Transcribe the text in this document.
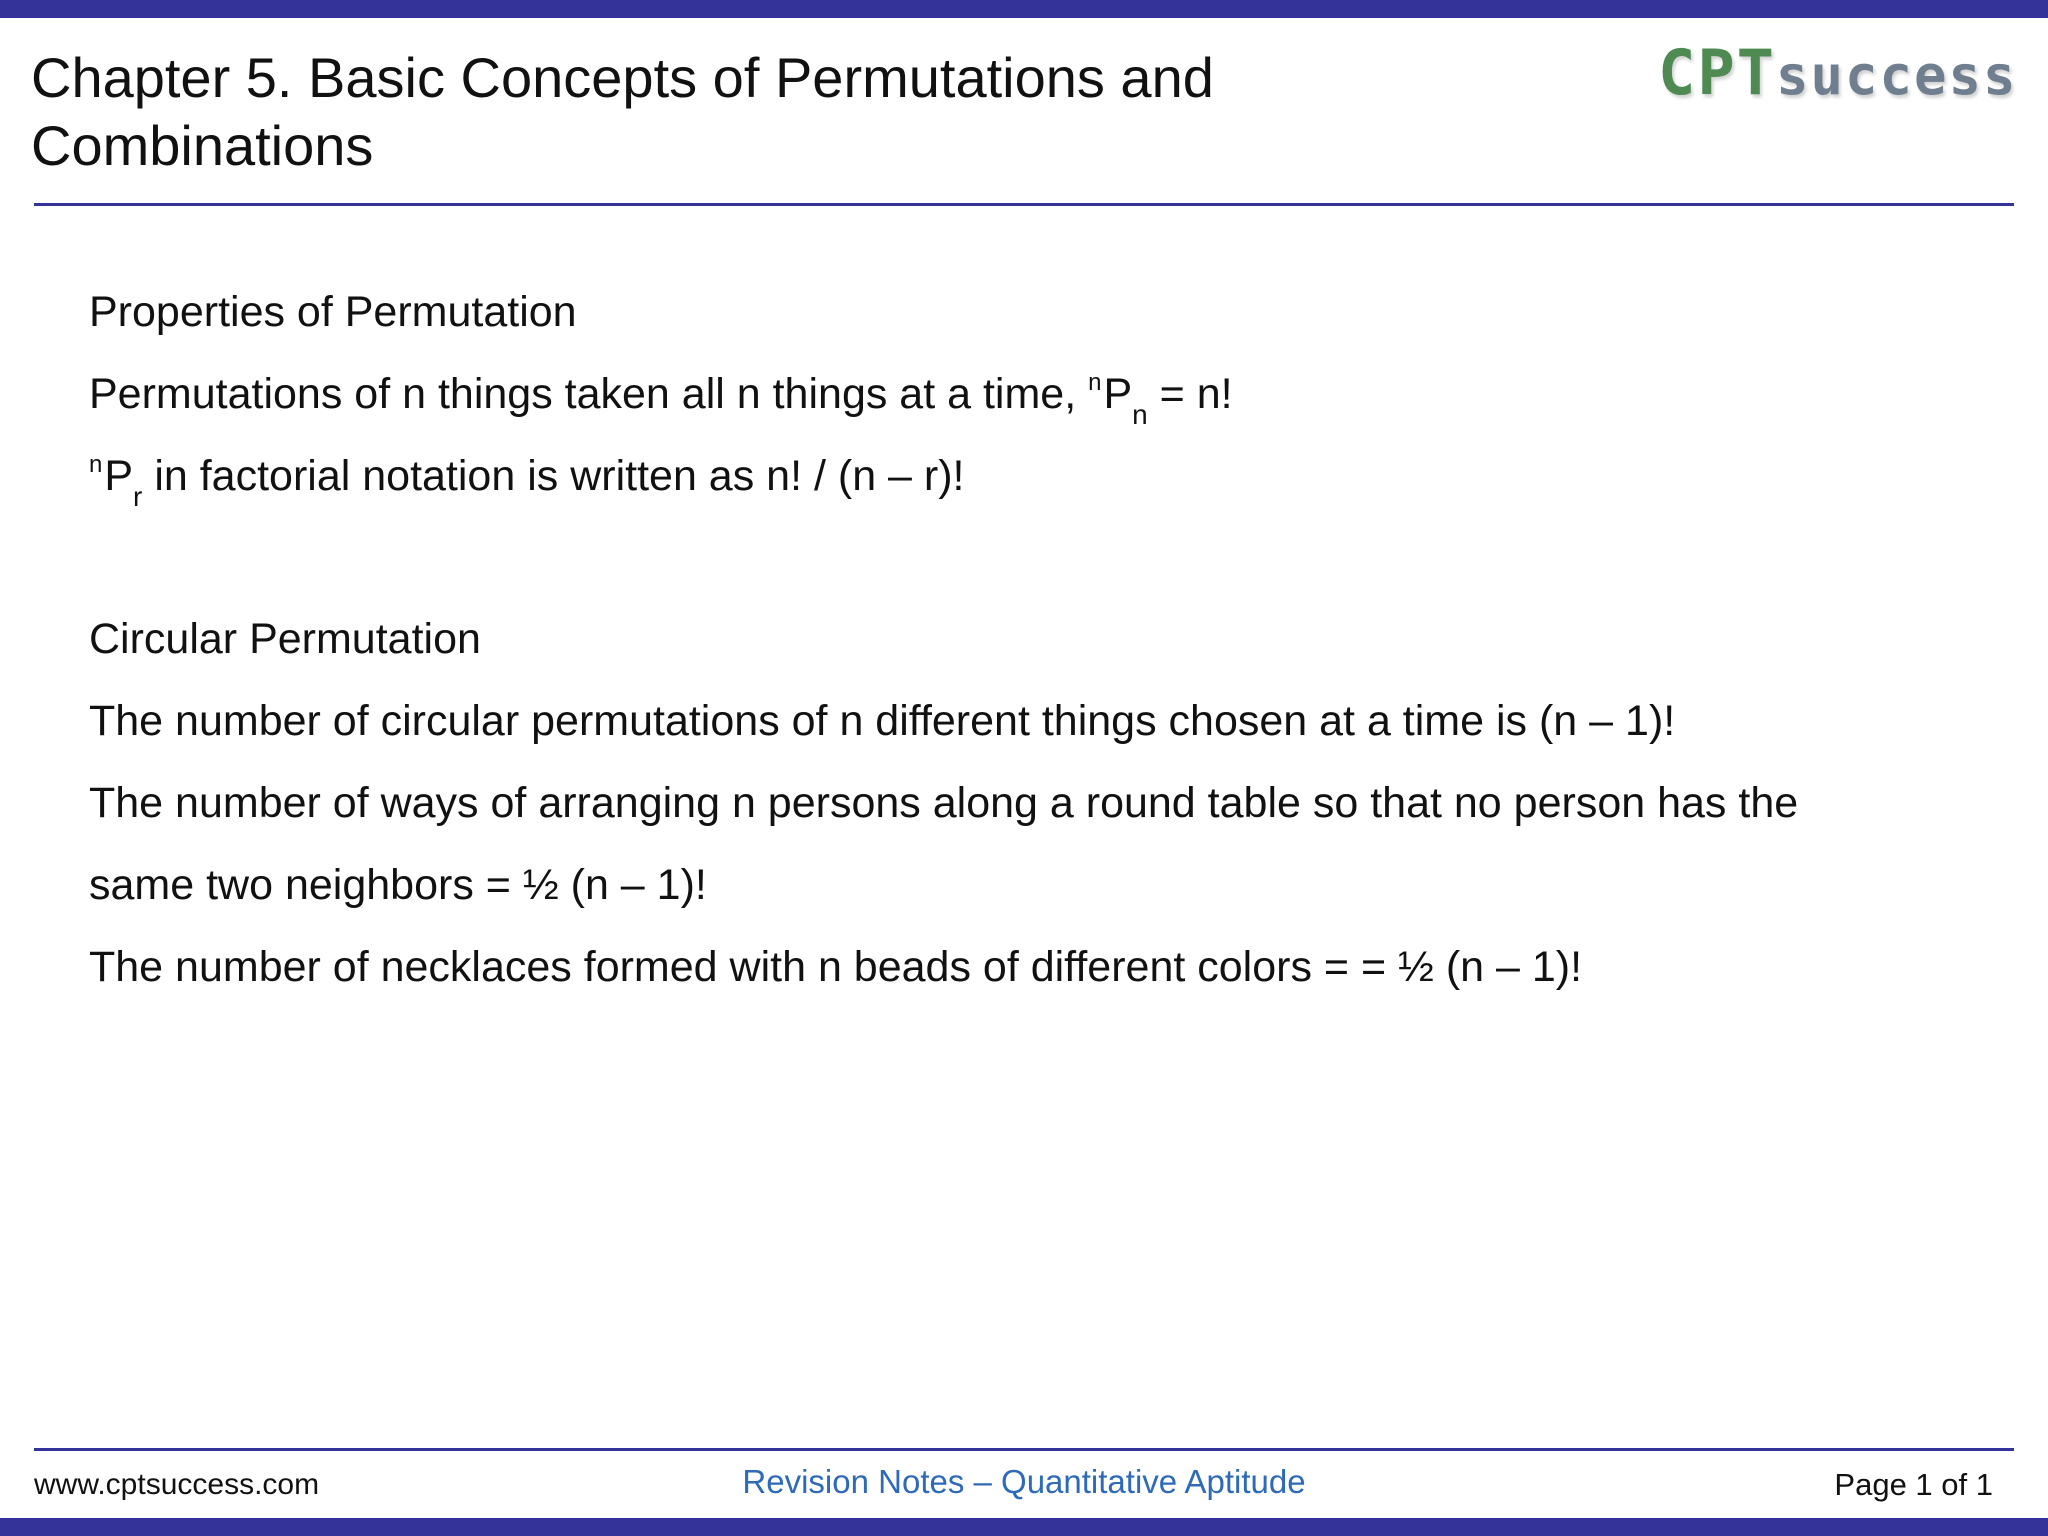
Chapter 5. Basic Concepts of Permutations and Combinations
CPTsuccess
Properties of Permutation
Permutations of n things taken all n things at a time, $^nP_n = n$!
$^nP_r$ in factorial notation is written as n! / (n – r)!
Circular Permutation
The number of circular permutations of n different things chosen at a time is (n – 1)!
The number of ways of arranging n persons along a round table so that no person has the
same two neighbors = ½ (n – 1)!
The number of necklaces formed with n beads of different colors = = ½ (n – 1)!
www.cptsuccess.com	Revision Notes – Quantitative Aptitude	Page 1 of 1
